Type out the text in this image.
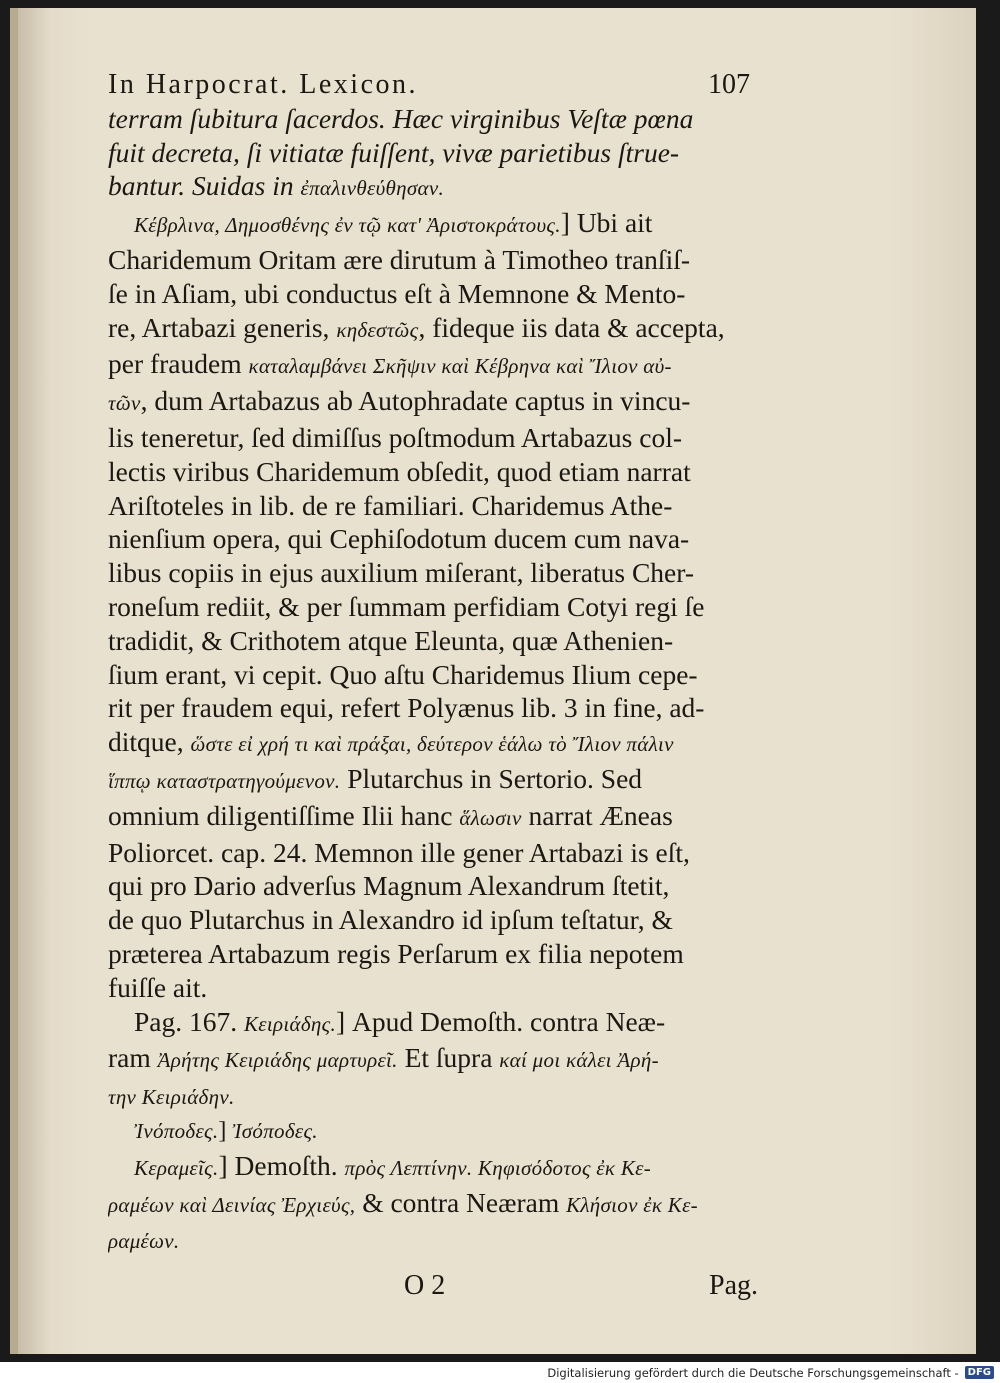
In Harpocrat. Lexicon.	107
terram ſubitura ſacerdos. Hæc virginibus Veſtæ pœna
fuit decreta, ſi vitiatæ fuiſſent, vivæ parietibus ſtrue-
bantur. Suidas in ἐπαλινθεύθησαν.
Κέβρλινα, Δημοσθένης ἐν τῷ κατ' Ἀριστοκράτους.] Ubi ait
Charidemum Oritam ære dirutum à Timotheo tranſiſ-
ſe in Aſiam, ubi conductus eſt à Memnone & Mento-
re, Artabazi generis, κηδεστῶς, fideque iis data & accepta,
per fraudem καταλαμβάνει Σκῆψιν καὶ Κέβρηνα καὶ Ἴλιον αὐ-
τῶν, dum Artabazus ab Autophradate captus in vincu-
lis teneretur, ſed dimiſſus poſtmodum Artabazus col-
lectis viribus Charidemum obſedit, quod etiam narrat
Ariſtoteles in lib. de re familiari. Charidemus Athe-
nienſium opera, qui Cephiſodotum ducem cum nava-
libus copiis in ejus auxilium miſerant, liberatus Cher-
roneſum rediit, & per ſummam perfidiam Cotyi regi ſe
tradidit, & Crithotem atque Eleunta, quæ Athenien-
ſium erant, vi cepit. Quo aſtu Charidemus Ilium cepe-
rit per fraudem equi, refert Polyænus lib. 3 in fine, ad-
ditque, ὥστε εἰ χρή τι καὶ πράξαι, δεύτερον ἑάλω τὸ Ἴλιον πάλιν
ἵππῳ καταστρατηγούμενον. Plutarchus in Sertorio. Sed
omnium diligentiſſime Ilii hanc ἅλωσιν narrat Æneas
Poliorcet. cap. 24. Memnon ille gener Artabazi is eſt,
qui pro Dario adverſus Magnum Alexandrum ſtetit,
de quo Plutarchus in Alexandro id ipſum teſtatur, &
præterea Artabazum regis Perſarum ex filia nepotem
fuiſſe ait.
Pag. 167. Κειριάδης.] Apud Demoſth. contra Neæ-
ram Ἀρήτης Κειριάδης μαρτυρεῖ. Et ſupra καί μοι κάλει Ἀρή-
την Κειριάδην.
Ἰνόποδες.] Ἰσόποδες.
Κεραμεῖς.] Demoſth. πρὸς Λεπτίνην. Κηφισόδοτος ἐκ Κε-
ραμέων καὶ Δεινίας Ἐρχιεύς, & contra Neæram Κλήσιον ἐκ Κε-
ραμέων.
O 2	Pag.
Digitalisierung gefördert durch die Deutsche Forschungsgemeinschaft - DFG
